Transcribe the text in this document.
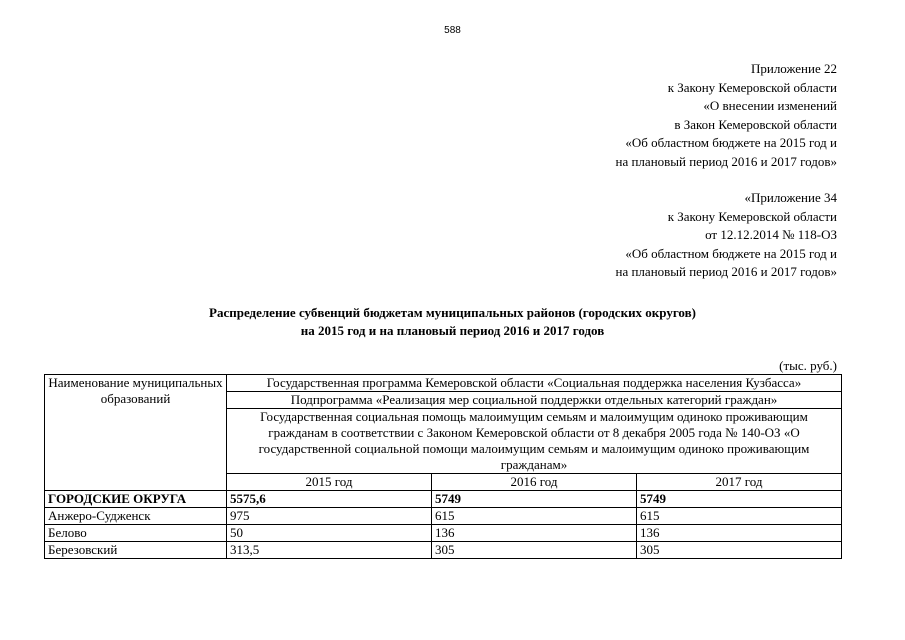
588
Приложение 22
к Закону Кемеровской области
«О внесении изменений
в Закон Кемеровской области
«Об областном бюджете на 2015 год и
на плановый период 2016 и 2017 годов»
«Приложение 34
к Закону Кемеровской области
от 12.12.2014 № 118-ОЗ
«Об областном бюджете на 2015 год и
на плановый период 2016 и 2017 годов»
Распределение субвенций бюджетам муниципальных районов (городских округов)
на 2015 год и на плановый период 2016 и 2017 годов
(тыс. руб.)
Наименование муниципальных образований	Государственная программа Кемеровской области «Социальная поддержка населения Кузбасса»		
	Подпрограмма «Реализация мер социальной поддержки отдельных категорий граждан»		
	Государственная социальная помощь малоимущим семьям и малоимущим одиноко проживающим гражданам в соответствии с Законом Кемеровской области от 8 декабря 2005 года № 140-ОЗ «О государственной социальной помощи малоимущим семьям и малоимущим одиноко проживающим гражданам»		
	2015 год	2016 год	2017 год
ГОРОДСКИЕ ОКРУГА	5575,6	5749	5749
Анжеро-Судженск	975	615	615
Белово	50	136	136
Березовский	313,5	305	305
